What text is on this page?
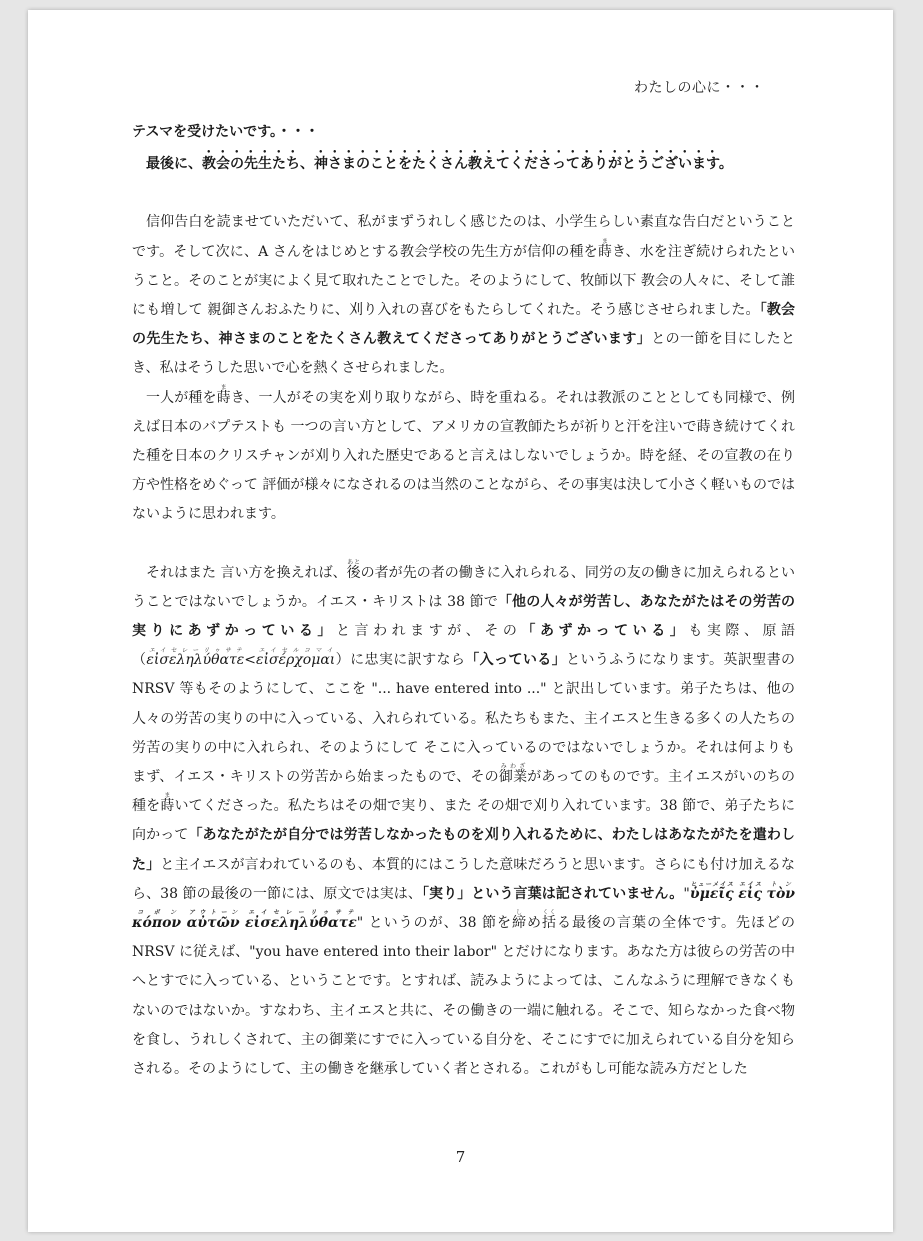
わたしの心に・・・

テスマを受けたいです。・・・

最後に、教会の先生たち、神さまのことをたくさん教えてくださってありがとうございます。

信仰告白を読ませていただいて、私がまずうれしく感じたのは、小学生らしい素直な告白だということです。そして次に、A さんをはじめとする教会学校の先生方が信仰の種を蒔まき、水を注ぎ続けられたということ。そのことが実によく見て取れたことでした。そのようにして、牧師以下 教会の人々に、そして誰にも増して 親御さんおふたりに、刈り入れの喜びをもたらしてくれた。そう感じさせられました。「教会の先生たち、神さまのことをたくさん教えてくださってありがとうございます」との一節を目にしたとき、私はそうした思いで心を熱くさせられました。

一人が種を蒔まき、一人がその実を刈り取りながら、時を重ねる。それは教派のこととしても同様で、例えば日本のバプテストも 一つの言い方として、アメリカの宣教師たちが祈りと汗を注いで蒔き続けてくれた種を日本のクリスチャンが刈り入れた歴史であると言えはしないでしょうか。時を経、その宣教の在り方や性格をめぐって 評価が様々になされるのは当然のことながら、その事実は決して小さく軽いものではないように思われます。

それはまた 言い方を換えれば、後あとの者が先の者の働きに入れられる、同労の友の働きに加えられるということではないでしょうか。イエス・キリストは 38 節で「他の人々が労苦し、あなたがたはその労苦の実りにあずかっている」と言われますが、その「あずかっている」も実際、原語（εἰσεληλύθατεエイセレーリゥサテ<εἰσέρχομαιエイセルコマイ）に忠実に訳すなら「入っている」というふうになります。英訳聖書の NRSV 等もそのようにして、ここを "... have entered into ..." と訳出しています。弟子たちは、他の人々の労苦の実りの中に入っている、入れられている。私たちもまた、主イエスと生きる多くの人たちの労苦の実りの中に入れられ、そのようにして そこに入っているのではないでしょうか。それは何よりもまず、イエス・キリストの労苦から始まったもので、その御業みわざがあってのものです。主イエスがいのちの種を蒔まいてくださった。私たちはその畑で実り、また その畑で刈り入れています。38 節で、弟子たちに向かって「あなたがたが自分では労苦しなかったものを刈り入れるために、わたしはあなたがたを遣わした」と主イエスが言われているのも、本質的にはこうした意味だろうと思います。さらにも付け加えるなら、38 節の最後の一節には、原文では実は、「実り」という言葉は記されていません。"ὑμεῖςヒューメイス εἰςエイス τὸνトン κόπονコポン αὐτῶνアウトーン εἰσεληλύθατεエイセレーリゥサテ" というのが、38 節を締しめ括くくる最後の言葉の全体です。先ほどの NRSV に従えば、"you have entered into their labor" とだけになります。あなた方は彼らの労苦の中へとすでに入っている、ということです。とすれば、読みようによっては、こんなふうに理解できなくもないのではないか。すなわち、主イエスと共に、その働きの一端に触れる。そこで、知らなかった食べ物を食し、うれしくされて、主の御業にすでに入っている自分を、そこにすでに加えられている自分を知らされる。そのようにして、主の働きを継承していく者とされる。これがもし可能な読み方だとした

7
